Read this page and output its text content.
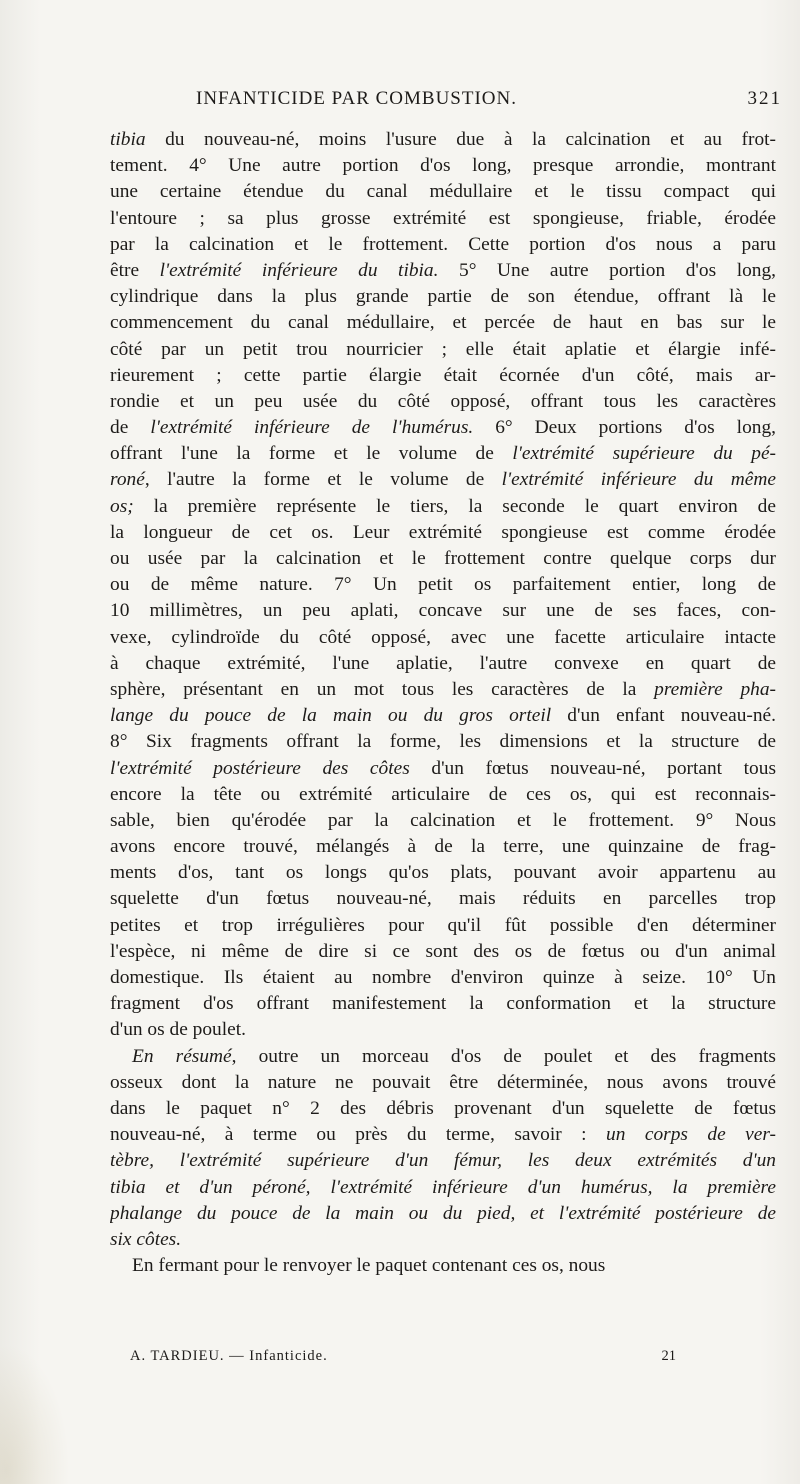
INFANTICIDE PAR COMBUSTION.	321
tibia du nouveau-né, moins l'usure due à la calcination et au frot-
tement. 4° Une autre portion d'os long, presque arrondie, montrant
une certaine étendue du canal médullaire et le tissu compact qui
l'entoure ; sa plus grosse extrémité est spongieuse, friable, érodée
par la calcination et le frottement. Cette portion d'os nous a paru
être l'extrémité inférieure du tibia. 5° Une autre portion d'os long,
cylindrique dans la plus grande partie de son étendue, offrant là le
commencement du canal médullaire, et percée de haut en bas sur le
côté par un petit trou nourricier ; elle était aplatie et élargie infé-
rieurement ; cette partie élargie était écornée d'un côté, mais ar-
rondie et un peu usée du côté opposé, offrant tous les caractères
de l'extrémité inférieure de l'humérus. 6° Deux portions d'os long,
offrant l'une la forme et le volume de l'extrémité supérieure du pé-
roné, l'autre la forme et le volume de l'extrémité inférieure du même
os; la première représente le tiers, la seconde le quart environ de
la longueur de cet os. Leur extrémité spongieuse est comme érodée
ou usée par la calcination et le frottement contre quelque corps dur
ou de même nature. 7° Un petit os parfaitement entier, long de
10 millimètres, un peu aplati, concave sur une de ses faces, con-
vexe, cylindroïde du côté opposé, avec une facette articulaire intacte
à chaque extrémité, l'une aplatie, l'autre convexe en quart de
sphère, présentant en un mot tous les caractères de la première pha-
lange du pouce de la main ou du gros orteil d'un enfant nouveau-né.
8° Six fragments offrant la forme, les dimensions et la structure de
l'extrémité postérieure des côtes d'un fœtus nouveau-né, portant tous
encore la tête ou extrémité articulaire de ces os, qui est reconnais-
sable, bien qu'érodée par la calcination et le frottement. 9° Nous
avons encore trouvé, mélangés à de la terre, une quinzaine de frag-
ments d'os, tant os longs qu'os plats, pouvant avoir appartenu au
squelette d'un fœtus nouveau-né, mais réduits en parcelles trop
petites et trop irrégulières pour qu'il fût possible d'en déterminer
l'espèce, ni même de dire si ce sont des os de fœtus ou d'un animal
domestique. Ils étaient au nombre d'environ quinze à seize. 10° Un
fragment d'os offrant manifestement la conformation et la structure
d'un os de poulet.
En résumé, outre un morceau d'os de poulet et des fragments
osseux dont la nature ne pouvait être déterminée, nous avons trouvé
dans le paquet n° 2 des débris provenant d'un squelette de fœtus
nouveau-né, à terme ou près du terme, savoir : un corps de ver-
tèbre, l'extrémité supérieure d'un fémur, les deux extrémités d'un
tibia et d'un péroné, l'extrémité inférieure d'un humérus, la première
phalange du pouce de la main ou du pied, et l'extrémité postérieure de
six côtes.
En fermant pour le renvoyer le paquet contenant ces os, nous
A. TARDIEU. — Infanticide.	21
